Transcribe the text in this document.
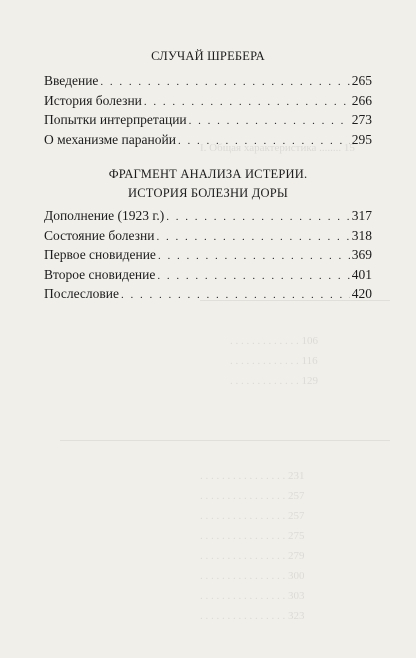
I. Общая характеристика ........ 15
. . . . . . . . . . . . . 106
. . . . . . . . . . . . . 116
. . . . . . . . . . . . . 129
. . . . . . . . . . . . . . . . 231
. . . . . . . . . . . . . . . . 257
. . . . . . . . . . . . . . . . 257
. . . . . . . . . . . . . . . . 275
. . . . . . . . . . . . . . . . 279
. . . . . . . . . . . . . . . . 300
. . . . . . . . . . . . . . . . 303
. . . . . . . . . . . . . . . . 323
СЛУЧАЙ ШРЕБЕРА
Введение . . .	265
История болезни . . .	266
Попытки интерпретации . . .	273
О механизме паранойи . . .	295
ФРАГМЕНТ АНАЛИЗА ИСТЕРИИ.
ИСТОРИЯ БОЛЕЗНИ ДОРЫ
Дополнение (1923 г.) . . .	317
Состояние болезни . . .	318
Первое сновидение . . .	369
Второе сновидение . . .	401
Послесловие . . .	420
